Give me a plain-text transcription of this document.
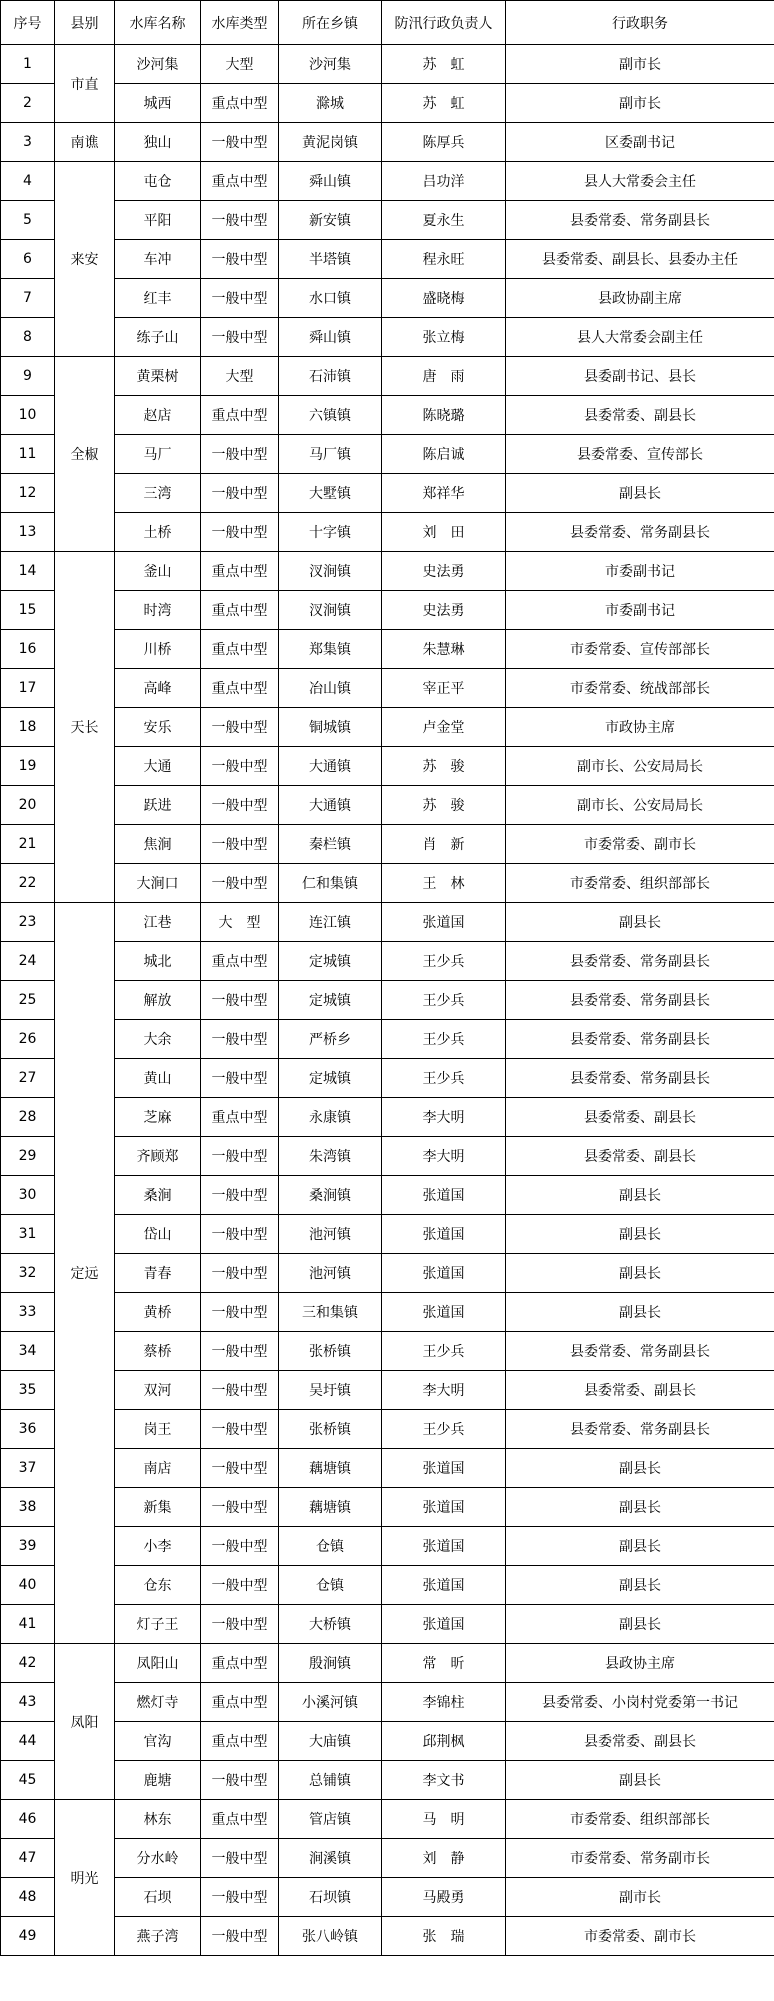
序号	县别	水库名称	水库类型	所在乡镇	防汛行政负责人	行政职务
1	市直	沙河集	大型	沙河集	苏　虹	副市长
2		城西	重点中型	滁城	苏　虹	副市长
3	南谯	独山	一般中型	黄泥岗镇	陈厚兵	区委副书记
4	来安	屯仓	重点中型	舜山镇	吕功洋	县人大常委会主任
5		平阳	一般中型	新安镇	夏永生	县委常委、常务副县长
6		车冲	一般中型	半塔镇	程永旺	县委常委、副县长、县委办主任
7		红丰	一般中型	水口镇	盛晓梅	县政协副主席
8		练子山	一般中型	舜山镇	张立梅	县人大常委会副主任
9	全椒	黄栗树	大型	石沛镇	唐　雨	县委副书记、县长
10		赵店	重点中型	六镇镇	陈晓璐	县委常委、副县长
11		马厂	一般中型	马厂镇	陈启诚	县委常委、宣传部长
12		三湾	一般中型	大墅镇	郑祥华	副县长
13		土桥	一般中型	十字镇	刘　田	县委常委、常务副县长
14	天长	釜山	重点中型	汊涧镇	史法勇	市委副书记
15		时湾	重点中型	汊涧镇	史法勇	市委副书记
16		川桥	重点中型	郑集镇	朱慧琳	市委常委、宣传部部长
17		高峰	重点中型	冶山镇	宰正平	市委常委、统战部部长
18		安乐	一般中型	铜城镇	卢金堂	市政协主席
19		大通	一般中型	大通镇	苏　骏	副市长、公安局局长
20		跃进	一般中型	大通镇	苏　骏	副市长、公安局局长
21		焦涧	一般中型	秦栏镇	肖　新	市委常委、副市长
22		大涧口	一般中型	仁和集镇	王　林	市委常委、组织部部长
23	定远	江巷	大　型	连江镇	张道国	副县长
24		城北	重点中型	定城镇	王少兵	县委常委、常务副县长
25		解放	一般中型	定城镇	王少兵	县委常委、常务副县长
26		大余	一般中型	严桥乡	王少兵	县委常委、常务副县长
27		黄山	一般中型	定城镇	王少兵	县委常委、常务副县长
28		芝麻	重点中型	永康镇	李大明	县委常委、副县长
29		齐顾郑	一般中型	朱湾镇	李大明	县委常委、副县长
30		桑涧	一般中型	桑涧镇	张道国	副县长
31		岱山	一般中型	池河镇	张道国	副县长
32		青春	一般中型	池河镇	张道国	副县长
33		黄桥	一般中型	三和集镇	张道国	副县长
34		蔡桥	一般中型	张桥镇	王少兵	县委常委、常务副县长
35		双河	一般中型	吴圩镇	李大明	县委常委、副县长
36		岗王	一般中型	张桥镇	王少兵	县委常委、常务副县长
37		南店	一般中型	藕塘镇	张道国	副县长
38		新集	一般中型	藕塘镇	张道国	副县长
39		小李	一般中型	仓镇	张道国	副县长
40		仓东	一般中型	仓镇	张道国	副县长
41		灯子王	一般中型	大桥镇	张道国	副县长
42	凤阳	凤阳山	重点中型	殷涧镇	常　昕	县政协主席
43		燃灯寺	重点中型	小溪河镇	李锦柱	县委常委、小岗村党委第一书记
44		官沟	重点中型	大庙镇	邱荆枫	县委常委、副县长
45		鹿塘	一般中型	总铺镇	李文书	副县长
46	明光	林东	重点中型	管店镇	马　明	市委常委、组织部部长
47		分水岭	一般中型	涧溪镇	刘　静	市委常委、常务副市长
48		石坝	一般中型	石坝镇	马殿勇	副市长
49		燕子湾	一般中型	张八岭镇	张　瑞	市委常委、副市长
